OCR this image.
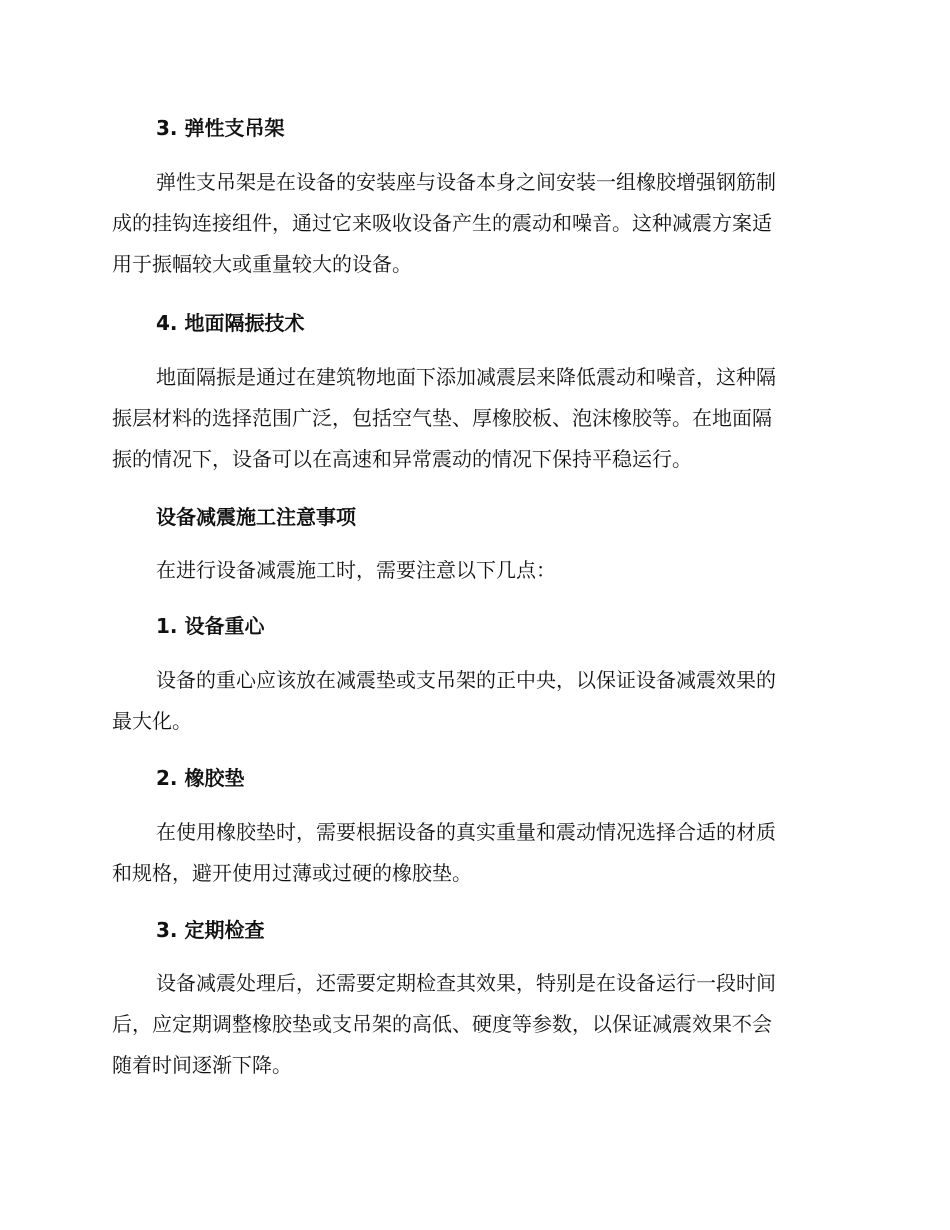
3. 弹性支吊架
弹性支吊架是在设备的安装座与设备本身之间安装一组橡胶增强钢筋制
成的挂钩连接组件，通过它来吸收设备产生的震动和噪音。这种减震方案适
用于振幅较大或重量较大的设备。
4. 地面隔振技术
地面隔振是通过在建筑物地面下添加减震层来降低震动和噪音，这种隔
振层材料的选择范围广泛，包括空气垫、厚橡胶板、泡沫橡胶等。在地面隔
振的情况下，设备可以在高速和异常震动的情况下保持平稳运行。
设备减震施工注意事项
在进行设备减震施工时，需要注意以下几点：
1. 设备重心
设备的重心应该放在减震垫或支吊架的正中央，以保证设备减震效果的
最大化。
2. 橡胶垫
在使用橡胶垫时，需要根据设备的真实重量和震动情况选择合适的材质
和规格，避开使用过薄或过硬的橡胶垫。
3. 定期检查
设备减震处理后，还需要定期检查其效果，特别是在设备运行一段时间
后，应定期调整橡胶垫或支吊架的高低、硬度等参数，以保证减震效果不会
随着时间逐渐下降。
